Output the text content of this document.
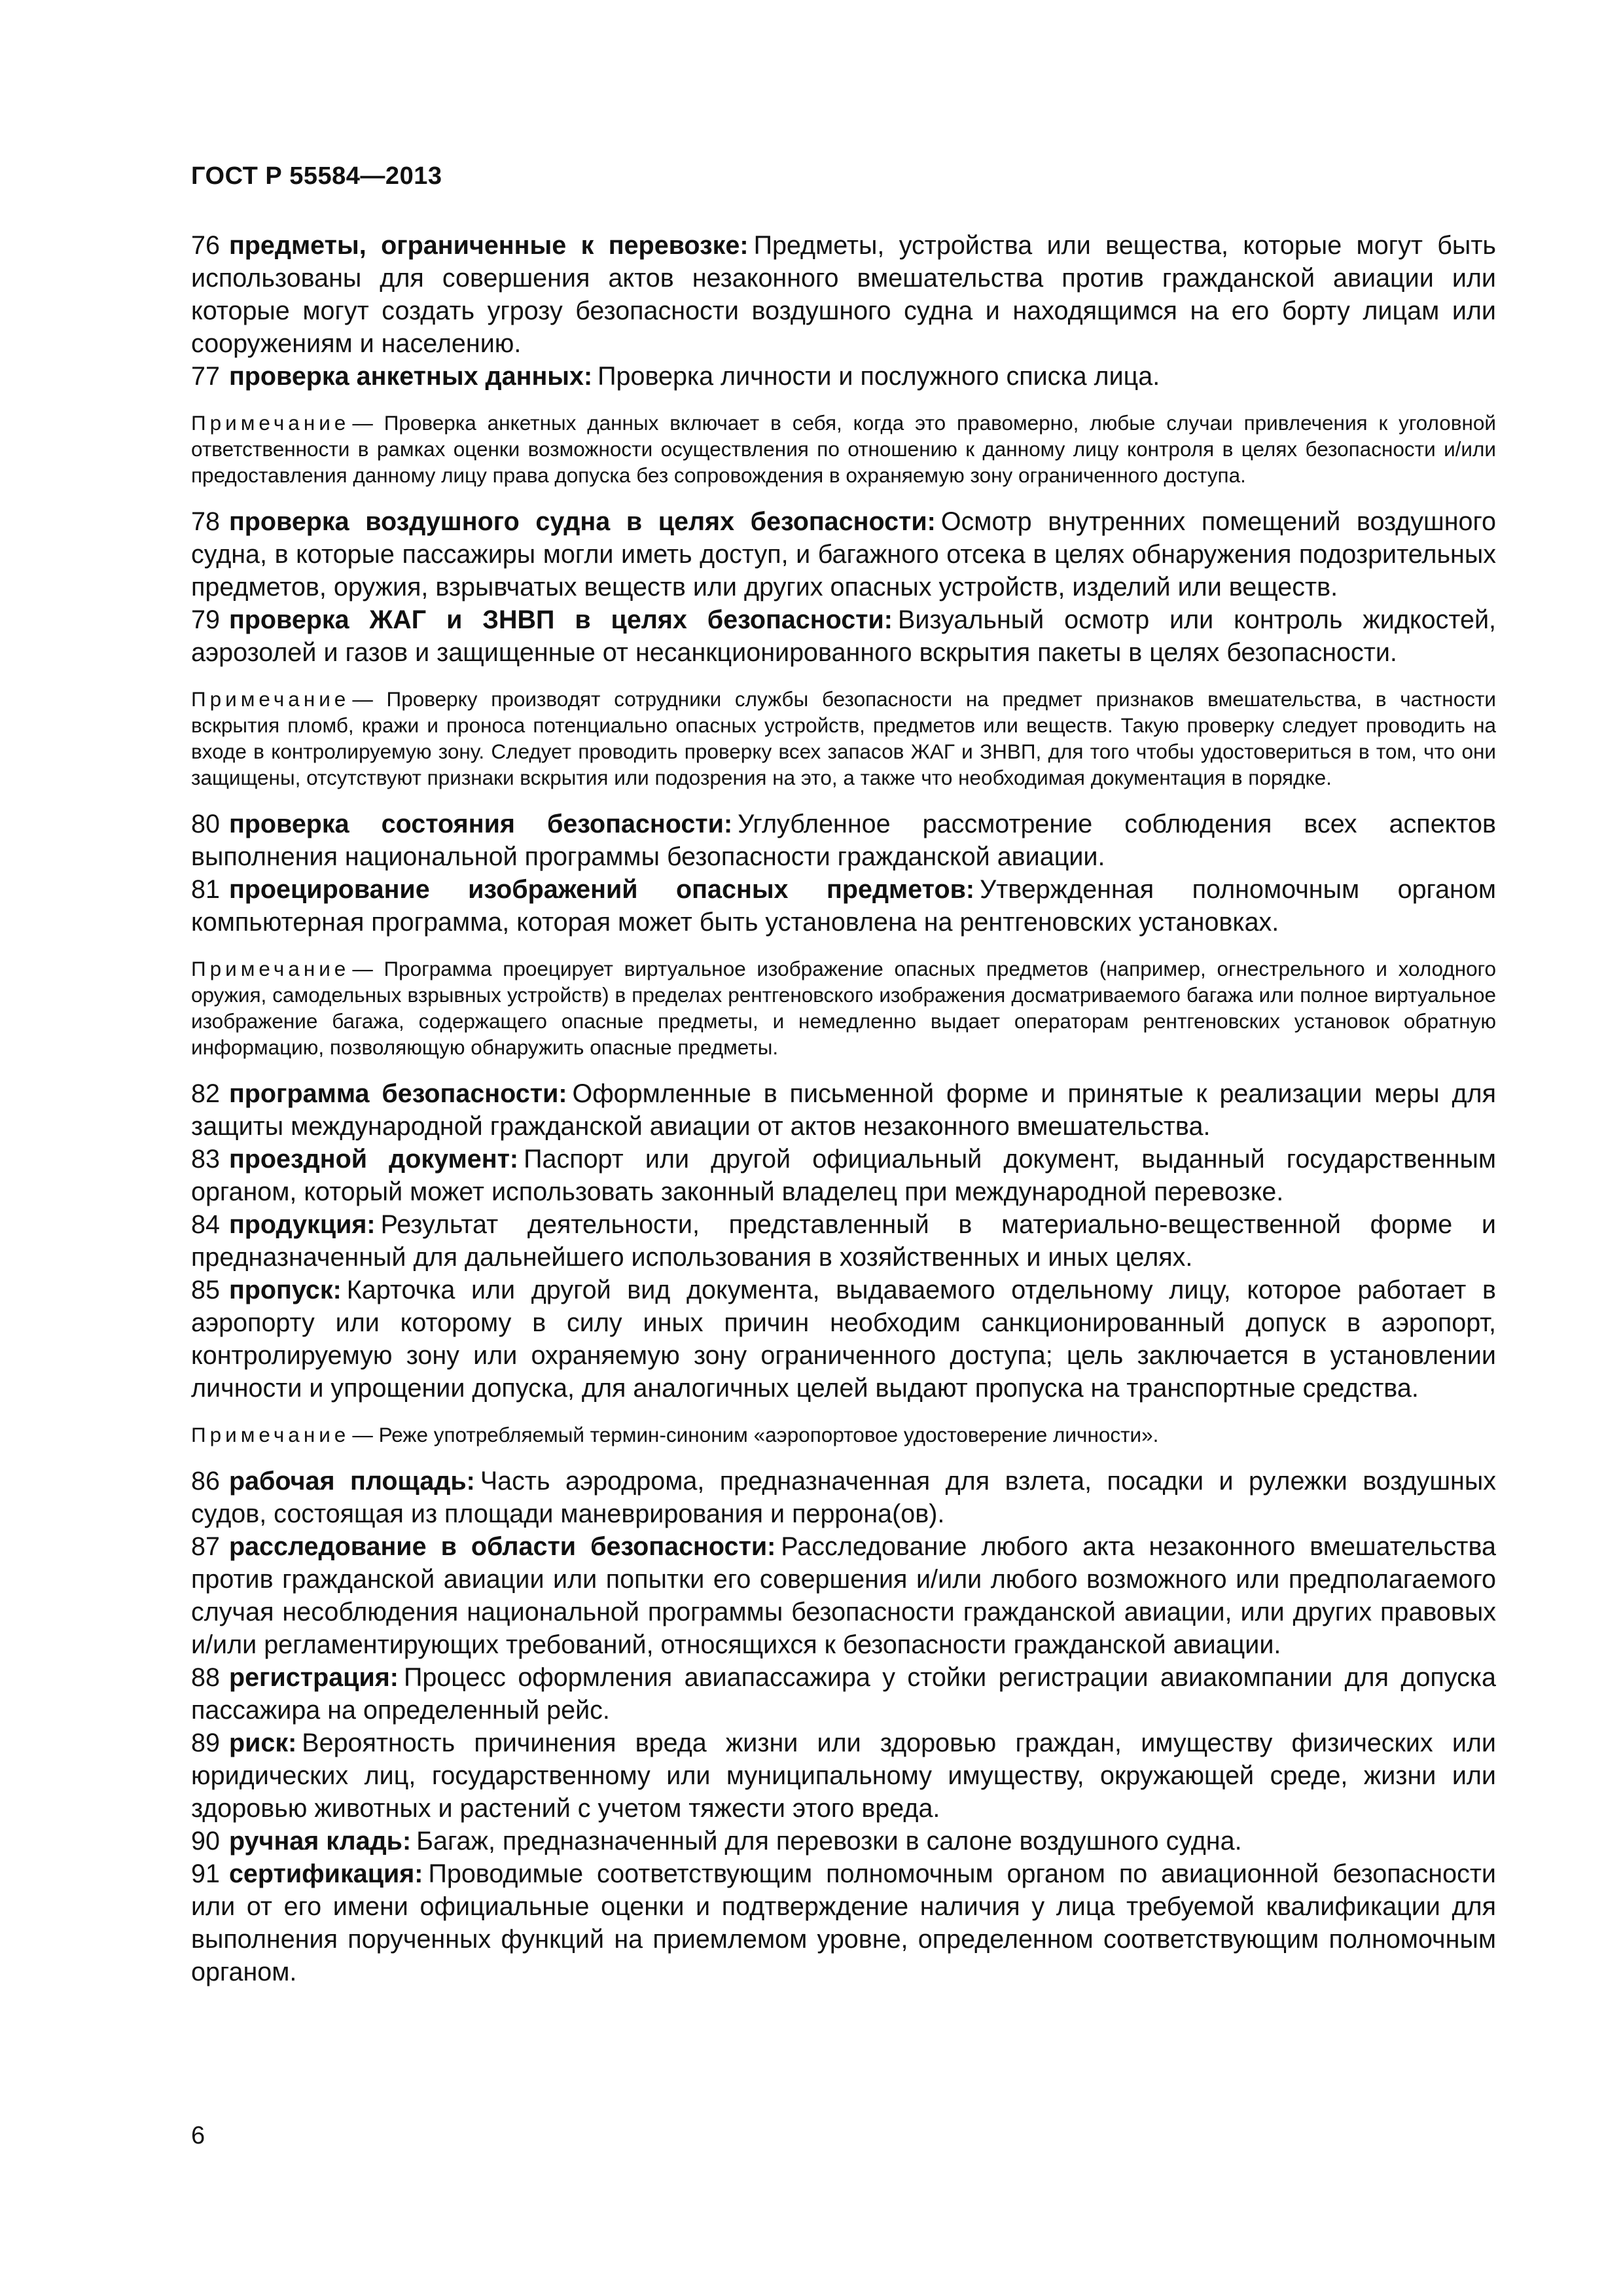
ГОСТ Р 55584—2013

76 предметы, ограниченные к перевозке: Предметы, устройства или вещества, которые могут быть использованы для совершения актов незаконного вмешательства против гражданской авиации или которые могут создать угрозу безопасности воздушного судна и находящимся на его борту лицам или сооружениям и населению.

77 проверка анкетных данных: Проверка личности и послужного списка лица.

Примечание — Проверка анкетных данных включает в себя, когда это правомерно, любые случаи привлечения к уголовной ответственности в рамках оценки возможности осуществления по отношению к данному лицу контроля в целях безопасности и/или предоставления данному лицу права допуска без сопровождения в охраняемую зону ограниченного доступа.

78 проверка воздушного судна в целях безопасности: Осмотр внутренних помещений воздушного судна, в которые пассажиры могли иметь доступ, и багажного отсека в целях обнаружения подозрительных предметов, оружия, взрывчатых веществ или других опасных устройств, изделий или веществ.

79 проверка ЖАГ и ЗНВП в целях безопасности: Визуальный осмотр или контроль жидкостей, аэрозолей и газов и защищенные от несанкционированного вскрытия пакеты в целях безопасности.

Примечание — Проверку производят сотрудники службы безопасности на предмет признаков вмешательства, в частности вскрытия пломб, кражи и проноса потенциально опасных устройств, предметов или веществ. Такую проверку следует проводить на входе в контролируемую зону. Следует проводить проверку всех запасов ЖАГ и ЗНВП, для того чтобы удостовериться в том, что они защищены, отсутствуют признаки вскрытия или подозрения на это, а также что необходимая документация в порядке.

80 проверка состояния безопасности: Углубленное рассмотрение соблюдения всех аспектов выполнения национальной программы безопасности гражданской авиации.

81 проецирование изображений опасных предметов: Утвержденная полномочным органом компьютерная программа, которая может быть установлена на рентгеновских установках.

Примечание — Программа проецирует виртуальное изображение опасных предметов (например, огнестрельного и холодного оружия, самодельных взрывных устройств) в пределах рентгеновского изображения досматриваемого багажа или полное виртуальное изображение багажа, содержащего опасные предметы, и немедленно выдает операторам рентгеновских установок обратную информацию, позволяющую обнаружить опасные предметы.

82 программа безопасности: Оформленные в письменной форме и принятые к реализации меры для защиты международной гражданской авиации от актов незаконного вмешательства.

83 проездной документ: Паспорт или другой официальный документ, выданный государственным органом, который может использовать законный владелец при международной перевозке.

84 продукция: Результат деятельности, представленный в материально-вещественной форме и предназначенный для дальнейшего использования в хозяйственных и иных целях.

85 пропуск: Карточка или другой вид документа, выдаваемого отдельному лицу, которое работает в аэропорту или которому в силу иных причин необходим санкционированный допуск в аэропорт, контролируемую зону или охраняемую зону ограниченного доступа; цель заключается в установлении личности и упрощении допуска, для аналогичных целей выдают пропуска на транспортные средства.

Примечание — Реже употребляемый термин-синоним «аэропортовое удостоверение личности».

86 рабочая площадь: Часть аэродрома, предназначенная для взлета, посадки и рулежки воздушных судов, состоящая из площади маневрирования и перрона(ов).

87 расследование в области безопасности: Расследование любого акта незаконного вмешательства против гражданской авиации или попытки его совершения и/или любого возможного или предполагаемого случая несоблюдения национальной программы безопасности гражданской авиации, или других правовых и/или регламентирующих требований, относящихся к безопасности гражданской авиации.

88 регистрация: Процесс оформления авиапассажира у стойки регистрации авиакомпании для допуска пассажира на определенный рейс.

89 риск: Вероятность причинения вреда жизни или здоровью граждан, имуществу физических или юридических лиц, государственному или муниципальному имуществу, окружающей среде, жизни или здоровью животных и растений с учетом тяжести этого вреда.

90 ручная кладь: Багаж, предназначенный для перевозки в салоне воздушного судна.

91 сертификация: Проводимые соответствующим полномочным органом по авиационной безопасности или от его имени официальные оценки и подтверждение наличия у лица требуемой квалификации для выполнения порученных функций на приемлемом уровне, определенном соответствующим полномочным органом.

6
